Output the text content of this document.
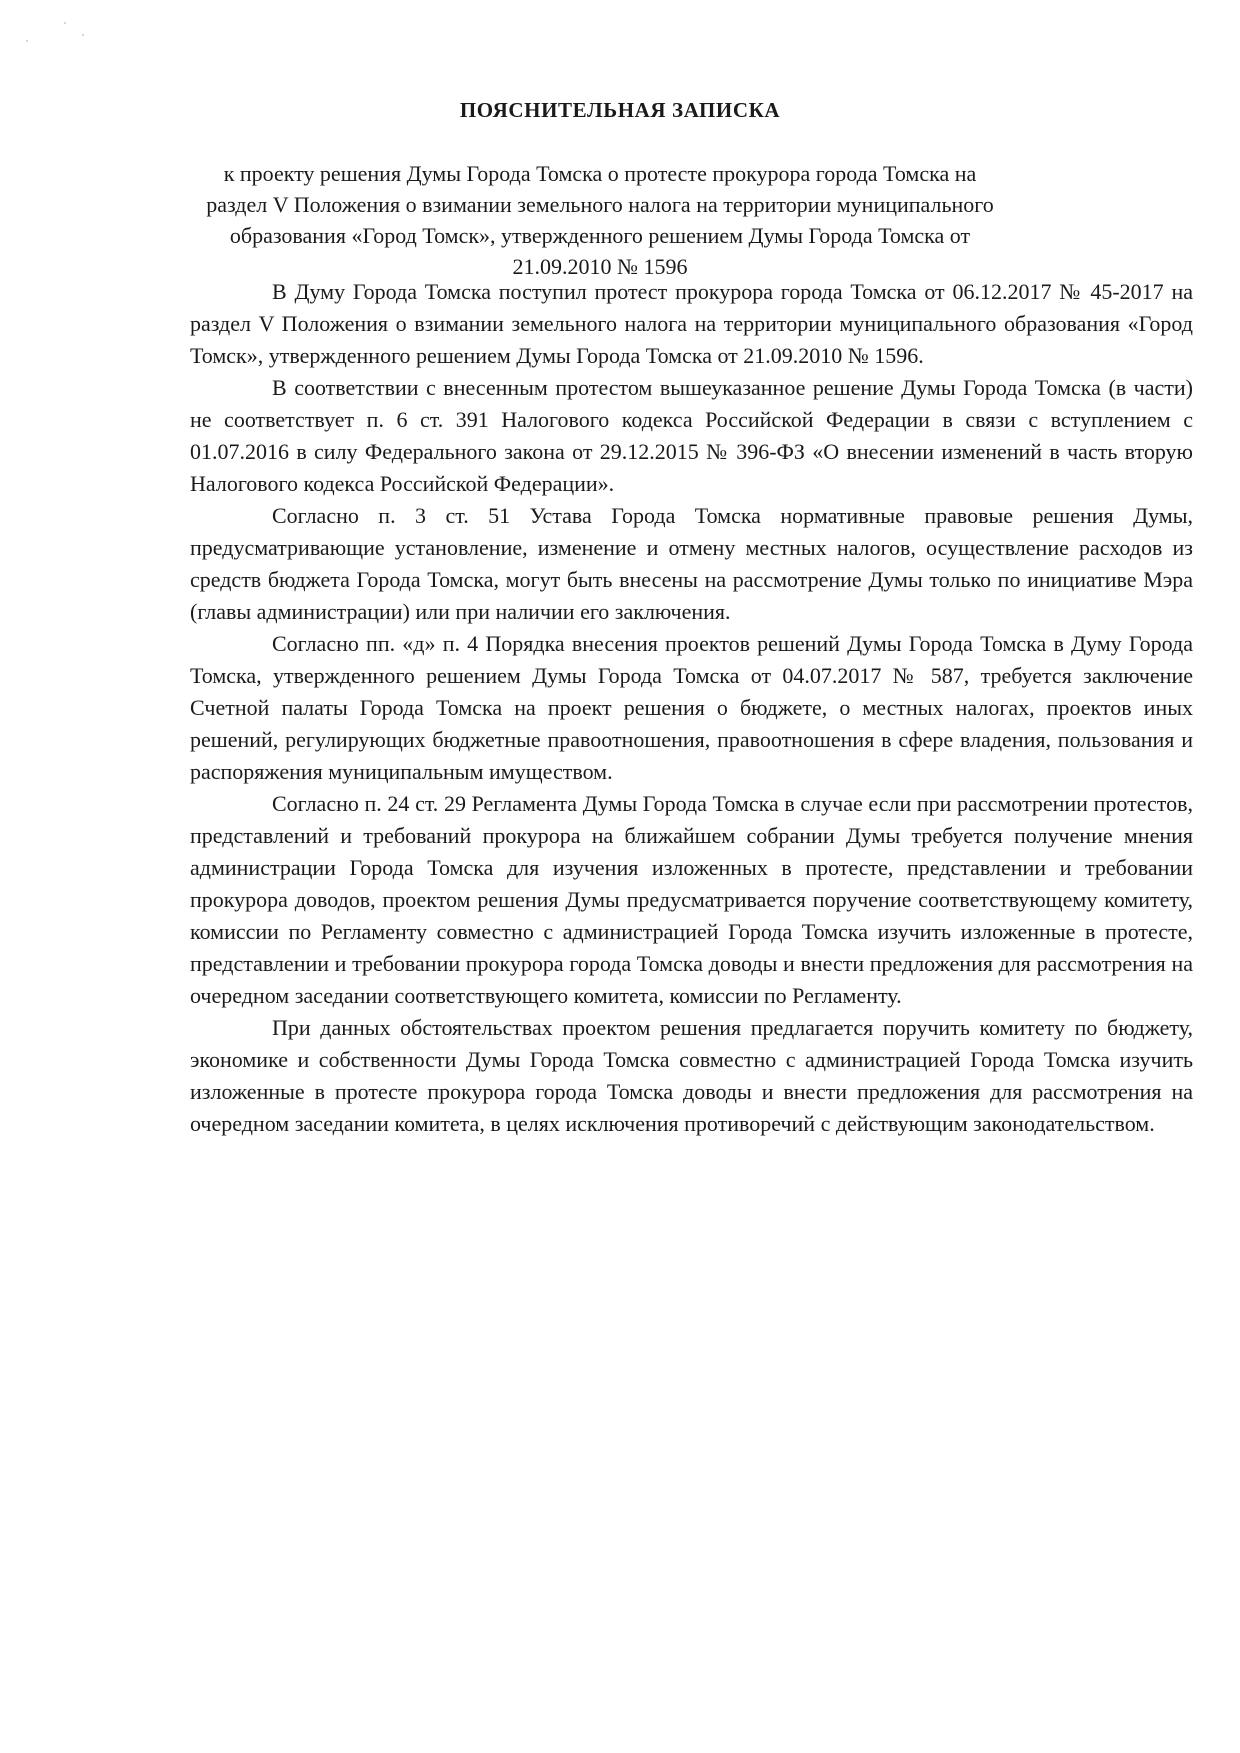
ПОЯСНИТЕЛЬНАЯ ЗАПИСКА

к проекту решения Думы Города Томска о протесте прокурора города Томска на раздел V Положения о взимании земельного налога на территории муниципального образования «Город Томск», утвержденного решением Думы Города Томска от 21.09.2010 № 1596

В Думу Города Томска поступил протест прокурора города Томска от 06.12.2017 № 45-2017 на раздел V Положения о взимании земельного налога на территории муниципального образования «Город Томск», утвержденного решением Думы Города Томска от 21.09.2010 № 1596.

В соответствии с внесенным протестом вышеуказанное решение Думы Города Томска (в части) не соответствует п. 6 ст. 391 Налогового кодекса Российской Федерации в связи с вступлением с 01.07.2016 в силу Федерального закона от 29.12.2015 № 396-ФЗ «О внесении изменений в часть вторую Налогового кодекса Российской Федерации».

Согласно п. 3 ст. 51 Устава Города Томска нормативные правовые решения Думы, предусматривающие установление, изменение и отмену местных налогов, осуществление расходов из средств бюджета Города Томска, могут быть внесены на рассмотрение Думы только по инициативе Мэра (главы администрации) или при наличии его заключения.

Согласно пп. «д» п. 4 Порядка внесения проектов решений Думы Города Томска в Думу Города Томска, утвержденного решением Думы Города Томска от 04.07.2017 № 587, требуется заключение Счетной палаты Города Томска на проект решения о бюджете, о местных налогах, проектов иных решений, регулирующих бюджетные правоотношения, правоотношения в сфере владения, пользования и распоряжения муниципальным имуществом.

Согласно п. 24 ст. 29 Регламента Думы Города Томска в случае если при рассмотрении протестов, представлений и требований прокурора на ближайшем собрании Думы требуется получение мнения администрации Города Томска для изучения изложенных в протесте, представлении и требовании прокурора доводов, проектом решения Думы предусматривается поручение соответствующему комитету, комиссии по Регламенту совместно с администрацией Города Томска изучить изложенные в протесте, представлении и требовании прокурора города Томска доводы и внести предложения для рассмотрения на очередном заседании соответствующего комитета, комиссии по Регламенту.

При данных обстоятельствах проектом решения предлагается поручить комитету по бюджету, экономике и собственности Думы Города Томска совместно с администрацией Города Томска изучить изложенные в протесте прокурора города Томска доводы и внести предложения для рассмотрения на очередном заседании комитета, в целях исключения противоречий с действующим законодательством.
